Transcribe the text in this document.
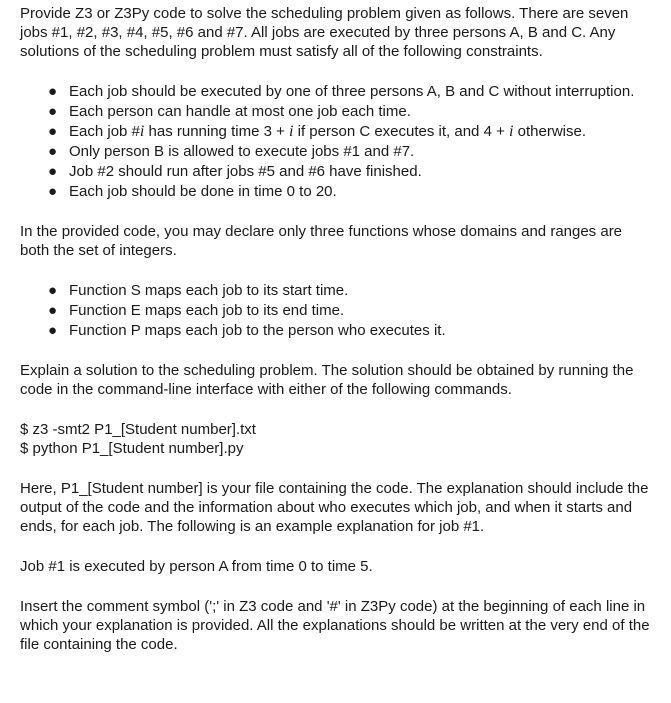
Provide Z3 or Z3Py code to solve the scheduling problem given as follows. There are seven jobs #1, #2, #3, #4, #5, #6 and #7. All jobs are executed by three persons A, B and C. Any solutions of the scheduling problem must satisfy all of the following constraints.

● Each job should be executed by one of three persons A, B and C without interruption.
● Each person can handle at most one job each time.
● Each job #i has running time 3 + i if person C executes it, and 4 + i otherwise.
● Only person B is allowed to execute jobs #1 and #7.
● Job #2 should run after jobs #5 and #6 have finished.
● Each job should be done in time 0 to 20.

In the provided code, you may declare only three functions whose domains and ranges are both the set of integers.

● Function S maps each job to its start time.
● Function E maps each job to its end time.
● Function P maps each job to the person who executes it.

Explain a solution to the scheduling problem. The solution should be obtained by running the code in the command-line interface with either of the following commands.

$ z3 -smt2 P1_[Student number].txt

$ python P1_[Student number].py

Here, P1_[Student number] is your file containing the code. The explanation should include the output of the code and the information about who executes which job, and when it starts and ends, for each job. The following is an example explanation for job #1.

Job #1 is executed by person A from time 0 to time 5.

Insert the comment symbol (';' in Z3 code and '#' in Z3Py code) at the beginning of each line in which your explanation is provided. All the explanations should be written at the very end of the file containing the code.
